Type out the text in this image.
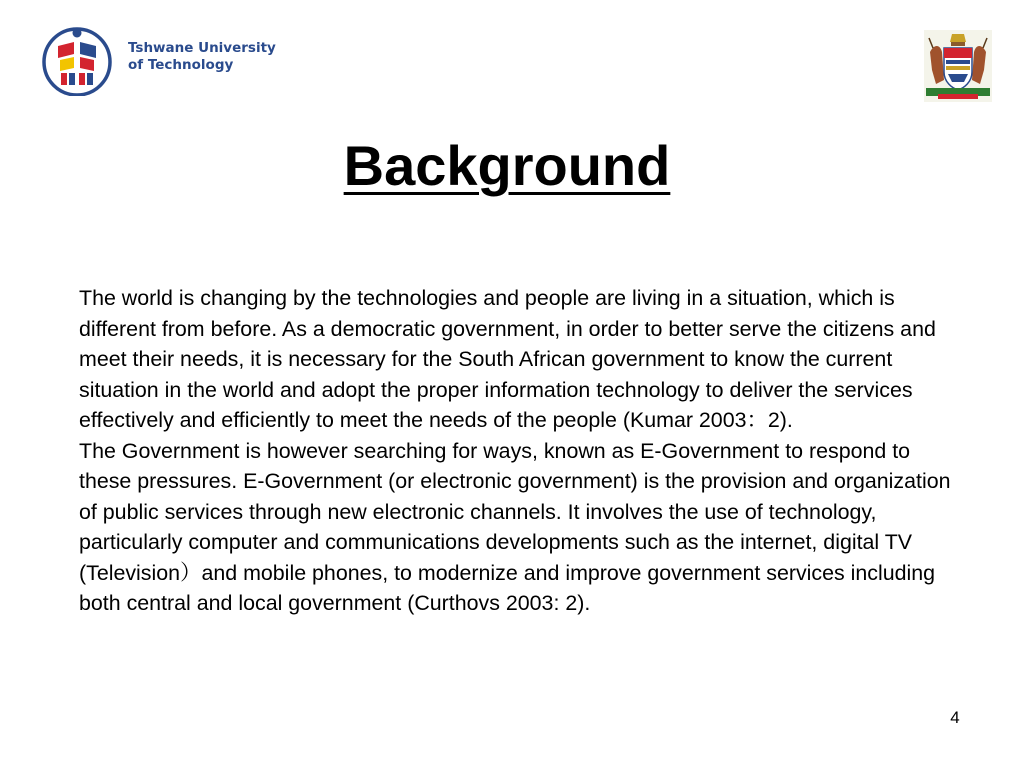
Tshwane University
of Technology
Background

The world is changing by the technologies and people are living in a situation, which is different from before. As a democratic government, in order to better serve the citizens and meet their needs, it is necessary for the South African government to know the current situation in the world and adopt the proper information technology to deliver the services effectively and efficiently to meet the needs of the people (Kumar 2003：2).

The Government is however searching for ways, known as E-Government to respond to these pressures. E-Government (or electronic government) is the provision and organization of public services through new electronic channels. It involves the use of technology, particularly computer and communications developments such as the internet, digital TV (Television）and mobile phones, to modernize and improve government services including both central and local government (Curthovs 2003: 2).

4
